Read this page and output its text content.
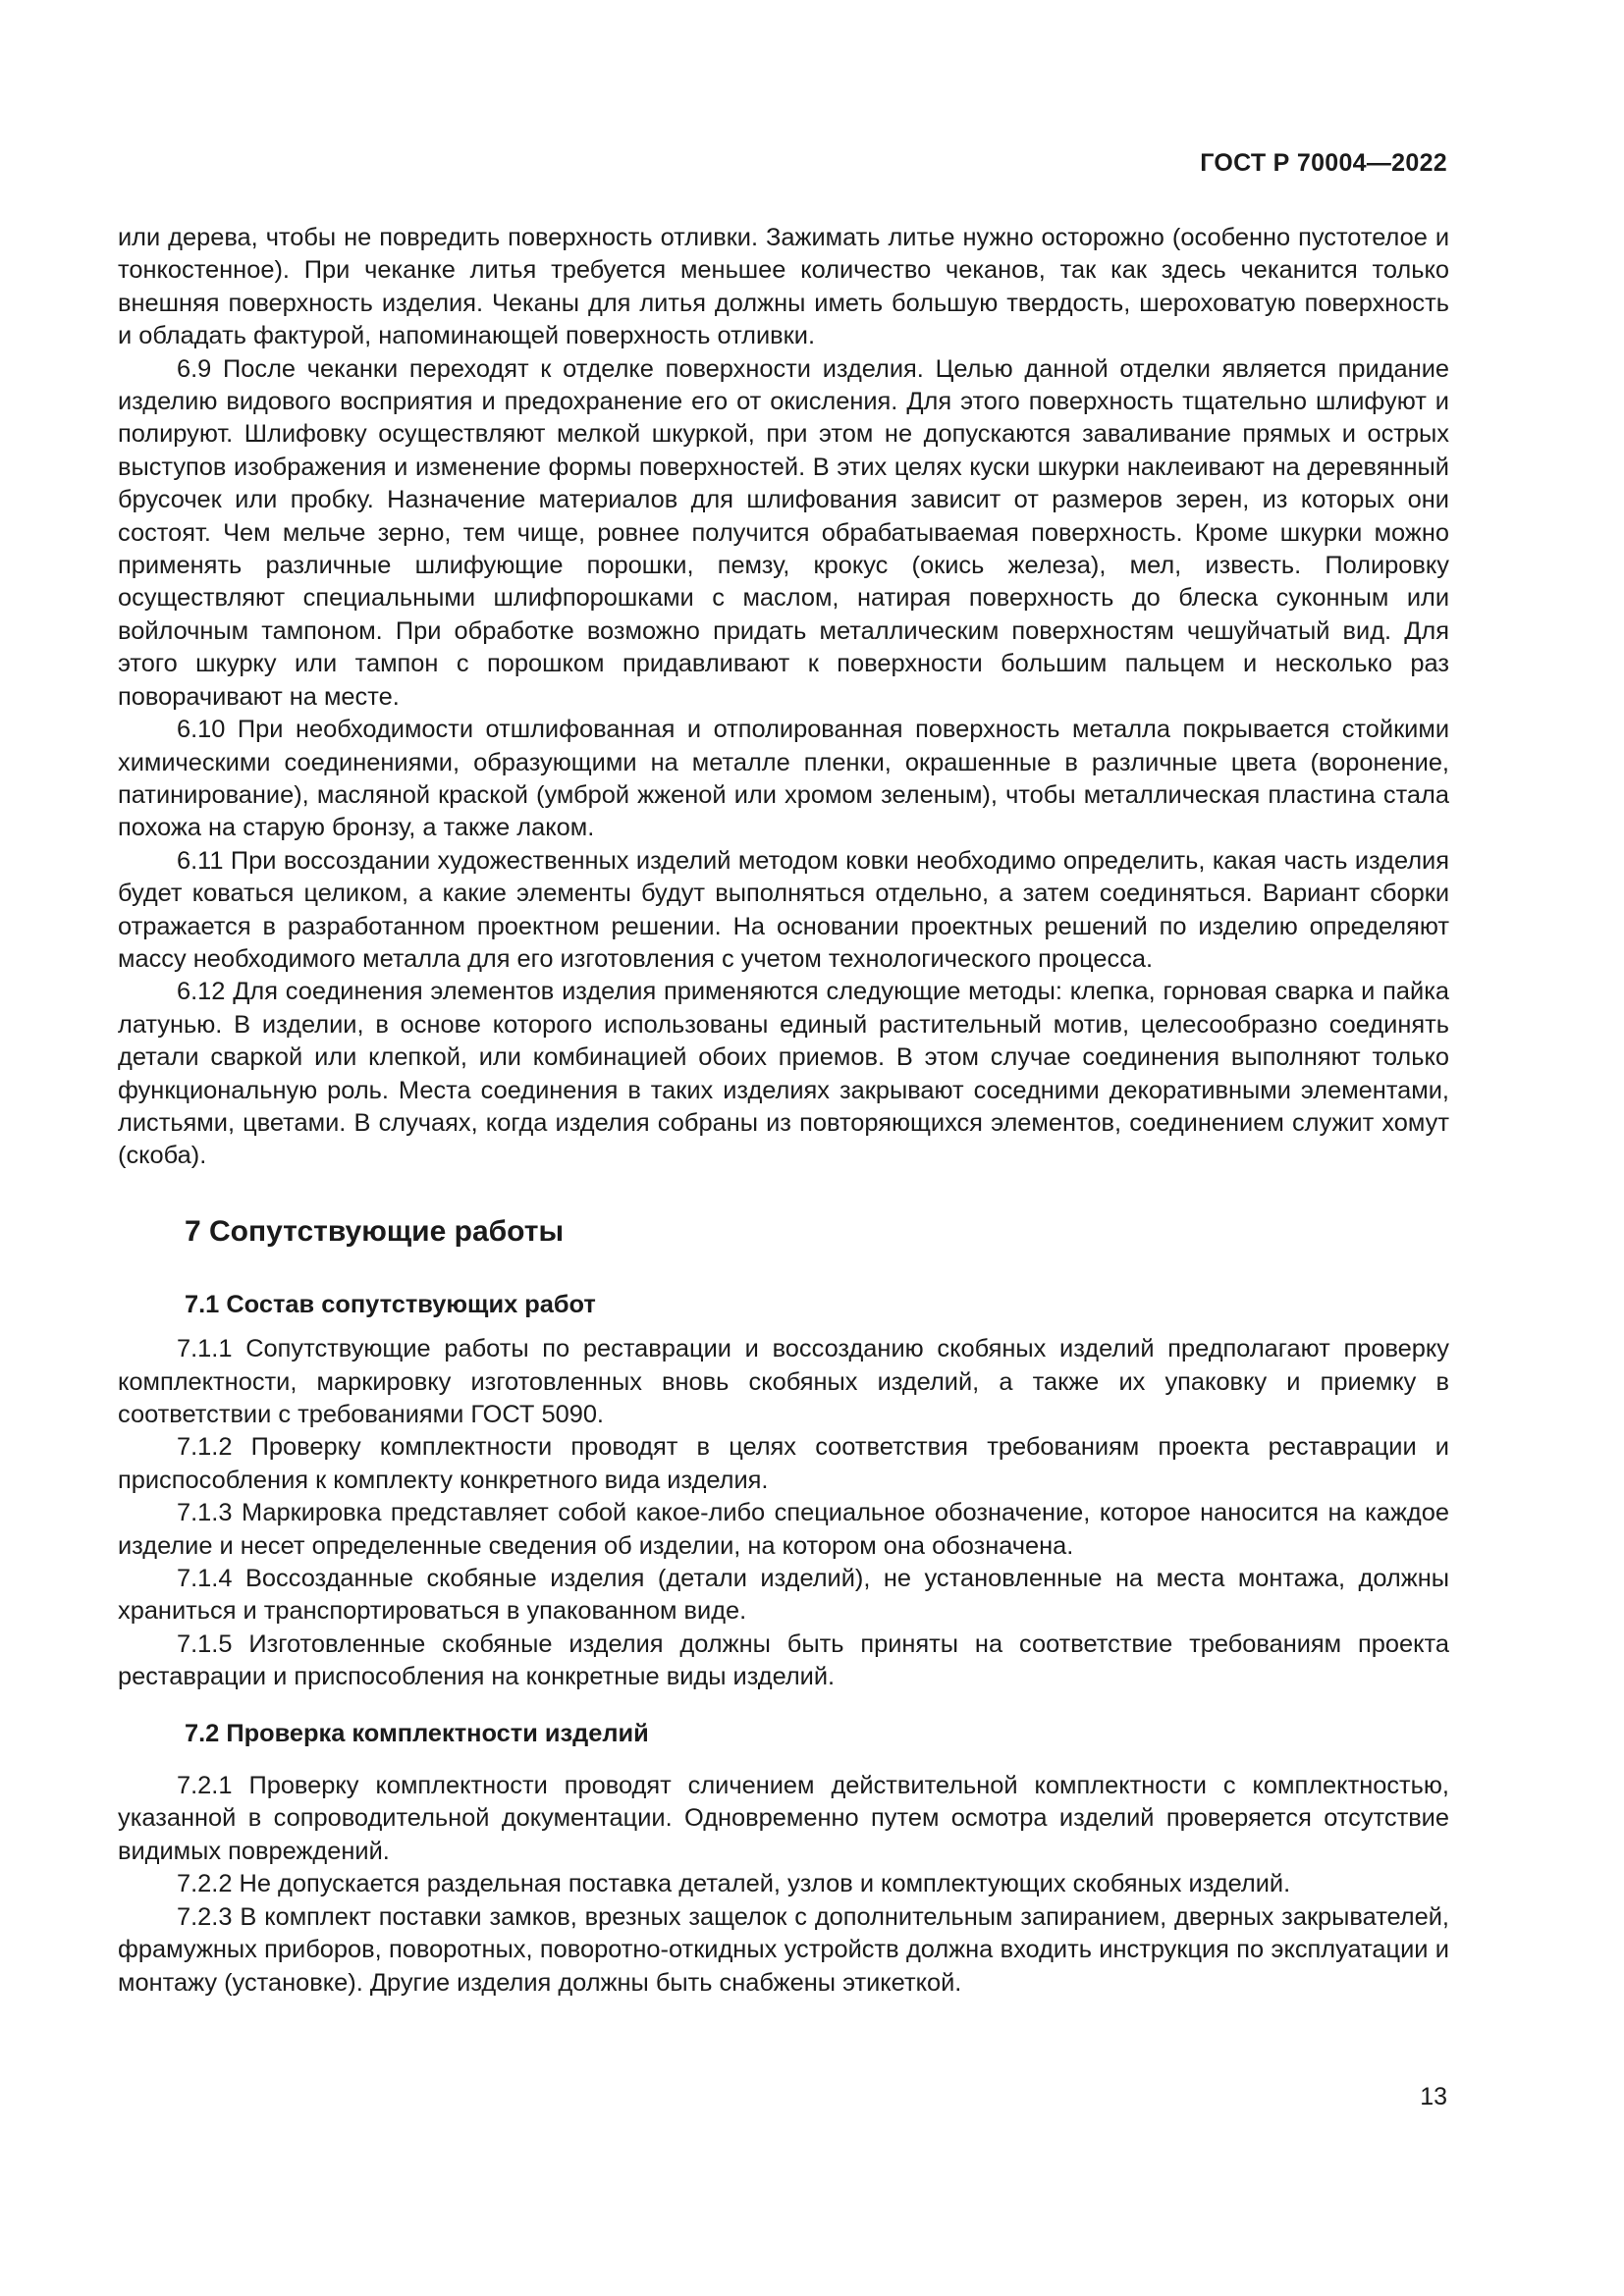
ГОСТ Р 70004—2022

или дерева, чтобы не повредить поверхность отливки. Зажимать литье нужно осторожно (особенно пустотелое и тонкостенное). При чеканке литья требуется меньшее количество чеканов, так как здесь чеканится только внешняя поверхность изделия. Чеканы для литья должны иметь большую твердость, шероховатую поверхность и обладать фактурой, напоминающей поверхность отливки.

6.9 После чеканки переходят к отделке поверхности изделия. Целью данной отделки является придание изделию видового восприятия и предохранение его от окисления. Для этого поверхность тщательно шлифуют и полируют. Шлифовку осуществляют мелкой шкуркой, при этом не допускаются заваливание прямых и острых выступов изображения и изменение формы поверхностей. В этих целях куски шкурки наклеивают на деревянный брусочек или пробку. Назначение материалов для шлифования зависит от размеров зерен, из которых они состоят. Чем мельче зерно, тем чище, ровнее получится обрабатываемая поверхность. Кроме шкурки можно применять различные шлифующие порошки, пемзу, крокус (окись железа), мел, известь. Полировку осуществляют специальными шлифпорошками с маслом, натирая поверхность до блеска суконным или войлочным тампоном. При обработке возможно придать металлическим поверхностям чешуйчатый вид. Для этого шкурку или тампон с порошком придавливают к поверхности большим пальцем и несколько раз поворачивают на месте.

6.10 При необходимости отшлифованная и отполированная поверхность металла покрывается стойкими химическими соединениями, образующими на металле пленки, окрашенные в различные цвета (воронение, патинирование), масляной краской (умброй жженой или хромом зеленым), чтобы металлическая пластина стала похожа на старую бронзу, а также лаком.

6.11 При воссоздании художественных изделий методом ковки необходимо определить, какая часть изделия будет коваться целиком, а какие элементы будут выполняться отдельно, а затем соединяться. Вариант сборки отражается в разработанном проектном решении. На основании проектных решений по изделию определяют массу необходимого металла для его изготовления с учетом технологического процесса.

6.12 Для соединения элементов изделия применяются следующие методы: клепка, горновая сварка и пайка латунью. В изделии, в основе которого использованы единый растительный мотив, целесообразно соединять детали сваркой или клепкой, или комбинацией обоих приемов. В этом случае соединения выполняют только функциональную роль. Места соединения в таких изделиях закрывают соседними декоративными элементами, листьями, цветами. В случаях, когда изделия собраны из повторяющихся элементов, соединением служит хомут (скоба).

7 Сопутствующие работы
7.1 Состав сопутствующих работ

7.1.1 Сопутствующие работы по реставрации и воссозданию скобяных изделий предполагают проверку комплектности, маркировку изготовленных вновь скобяных изделий, а также их упаковку и приемку в соответствии с требованиями ГОСТ 5090.

7.1.2 Проверку комплектности проводят в целях соответствия требованиям проекта реставрации и приспособления к комплекту конкретного вида изделия.

7.1.3 Маркировка представляет собой какое-либо специальное обозначение, которое наносится на каждое изделие и несет определенные сведения об изделии, на котором она обозначена.

7.1.4 Воссозданные скобяные изделия (детали изделий), не установленные на места монтажа, должны храниться и транспортироваться в упакованном виде.

7.1.5 Изготовленные скобяные изделия должны быть приняты на соответствие требованиям проекта реставрации и приспособления на конкретные виды изделий.

7.2 Проверка комплектности изделий

7.2.1 Проверку комплектности проводят сличением действительной комплектности с комплектностью, указанной в сопроводительной документации. Одновременно путем осмотра изделий проверяется отсутствие видимых повреждений.

7.2.2 Не допускается раздельная поставка деталей, узлов и комплектующих скобяных изделий.

7.2.3 В комплект поставки замков, врезных защелок с дополнительным запиранием, дверных закрывателей, фрамужных приборов, поворотных, поворотно-откидных устройств должна входить инструкция по эксплуатации и монтажу (установке). Другие изделия должны быть снабжены этикеткой.

13
